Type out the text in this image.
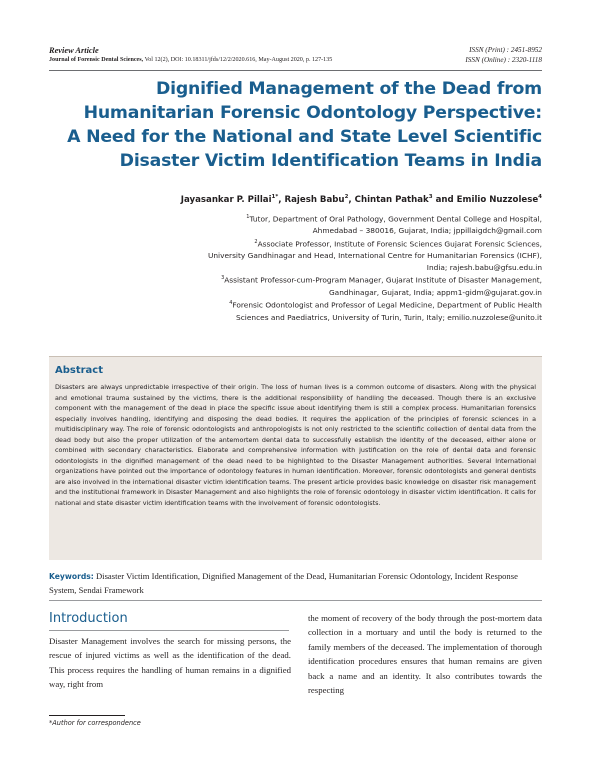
Review Article
Journal of Forensic Dental Sciences, Vol 12(2), DOI: 10.18311/jfds/12/2/2020.616, May-August 2020, p. 127-135
ISSN (Print) : 2451-8952
ISSN (Online) : 2320-1118
Dignified Management of the Dead from
Humanitarian Forensic Odontology Perspective:
A Need for the National and State Level Scientific
Disaster Victim Identification Teams in India
Jayasankar P. Pillai$^{1*}$, Rajesh Babu$^2$, Chintan Pathak$^3$ and Emilio Nuzzolese$^4$
$^1$Tutor, Department of Oral Pathology, Government Dental College and Hospital,
Ahmedabad – 380016, Gujarat, India; jppillaigdch@gmail.com
$^2$Associate Professor, Institute of Forensic Sciences Gujarat Forensic Sciences,
University Gandhinagar and Head, International Centre for Humanitarian Forensics (ICHF),
India; rajesh.babu@gfsu.edu.in
$^3$Assistant Professor-cum-Program Manager, Gujarat Institute of Disaster Management,
Gandhinagar, Gujarat, India; appm1-gidm@gujarat.gov.in
$^4$Forensic Odontologist and Professor of Legal Medicine, Department of Public Health
Sciences and Paediatrics, University of Turin, Turin, Italy; emilio.nuzzolese@unito.it
Abstract

Disasters are always unpredictable irrespective of their origin. The loss of human lives is a common outcome of disasters. Along with the physical and emotional trauma sustained by the victims, there is the additional responsibility of handling the deceased. Though there is an exclusive component with the management of the dead in place the specific issue about identifying them is still a complex process. Humanitarian forensics especially involves handling, identifying and disposing the dead bodies. It requires the application of the principles of forensic sciences in a multidisciplinary way. The role of forensic odontologists and anthropologists is not only restricted to the scientific collection of dental data from the dead body but also the proper utilization of the antemortem dental data to successfully establish the identity of the deceased, either alone or combined with secondary characteristics. Elaborate and comprehensive information with justification on the role of dental data and forensic odontologists in the dignified management of the dead need to be highlighted to the Disaster Management authorities. Several International organizations have pointed out the importance of odontology features in human identification. Moreover, forensic odontologists and general dentists are also involved in the international disaster victim identification teams. The present article provides basic knowledge on disaster risk management and the institutional framework in Disaster Management and also highlights the role of forensic odontology in disaster victim identification. It calls for national and state disaster victim identification teams with the involvement of forensic odontologists.

Keywords: Disaster Victim Identification, Dignified Management of the Dead, Humanitarian Forensic Odontology, Incident Response System, Sendai Framework
Introduction

Disaster Management involves the search for missing persons, the rescue of injured victims as well as the identification of the dead. This process requires the handling of human remains in a dignified way, right from

the moment of recovery of the body through the post-mortem data collection in a mortuary and until the body is returned to the family members of the deceased. The implementation of thorough identification procedures ensures that human remains are given back a name and an identity. It also contributes towards the respecting

*Author for correspondence
